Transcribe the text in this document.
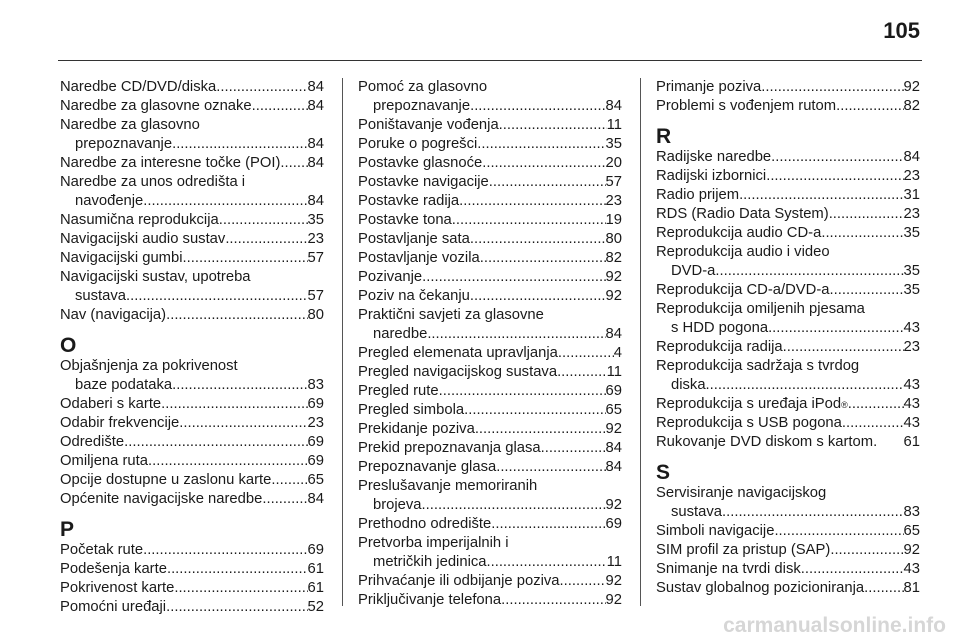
105
Naredbe CD/DVD/diska .....	84
Naredbe za glasovne oznake .....	84
Naredbe za glasovno
prepoznavanje .....	84
Naredbe za interesne točke (POI) ..... 84
Naredbe za unos odredišta i
navođenje .....	84
Nasumična reprodukcija .....	35
Navigacijski audio sustav .....	23
Navigacijski gumbi .....	57
Navigacijski sustav, upotreba
sustava .....	57
Nav (navigacija) .....	80
O
Objašnjenja za pokrivenost
baze podataka .....	83
Odaberi s karte .....	69
Odabir frekvencije .....	23
Odredište .....	69
Omiljena ruta .....	69
Opcije dostupne u zaslonu karte. ..... 65
Općenite navigacijske naredbe .....	84
P
Početak rute .....	69
Podešenja karte .....	61
Pokrivenost karte .....	61
Pomoćni uređaji .....	52
Pomoć za glasovno
prepoznavanje .....	84
Poništavanje vođenja .....	11
Poruke o pogrešci .....	35
Postavke glasnoće .....	20
Postavke navigacije .....	57
Postavke radija .....	23
Postavke tona .....	19
Postavljanje sata .....	80
Postavljanje vozila .....	82
Pozivanje .....	92
Poziv na čekanju .....	92
Praktični savjeti za glasovne
naredbe .....	84
Pregled elemenata upravljanja .....	4
Pregled navigacijskog sustava .....	11
Pregled rute .....	69
Pregled simbola .....	65
Prekidanje poziva .....	92
Prekid prepoznavanja glasa .....	84
Prepoznavanje glasa .....	84
Preslušavanje memoriranih
brojeva .....	92
Prethodno odredište .....	69
Pretvorba imperijalnih i
metričkih jedinica .....	11
Prihvaćanje ili odbijanje poziva .....	92
Priključivanje telefona .....	92
Primanje poziva .....	92
Problemi s vođenjem rutom .....	82
R
Radijske naredbe .....	84
Radijski izbornici .....	23
Radio prijem .....	31
RDS (Radio Data System) .....	23
Reprodukcija audio CD-a .....	35
Reprodukcija audio i video
DVD-a .....	35
Reprodukcija CD-a/DVD-a .....	35
Reprodukcija omiljenih pjesama
s HDD pogona .....	43
Reprodukcija radija .....	23
Reprodukcija sadržaja s tvrdog
diska .....	43
Reprodukcija s uređaja iPod ® .....	43
Reprodukcija s USB pogona .....	43
Rukovanje DVD diskom s kartom. 61
S
Servisiranje navigacijskog
sustava .....	83
Simboli navigacije .....	65
SIM profil za pristup (SAP) .....	92
Snimanje na tvrdi disk .....	43
Sustav globalnog pozicioniranja .....	81
carmanualsonline.info
